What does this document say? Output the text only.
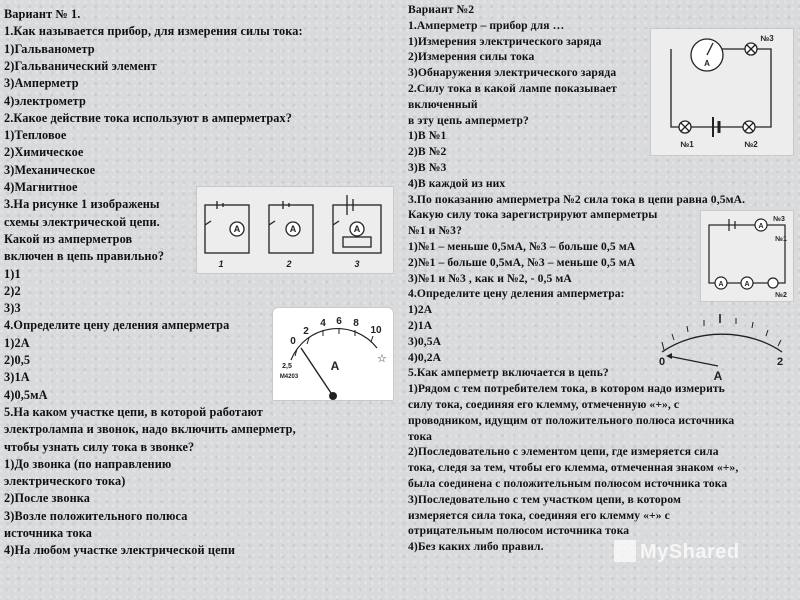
Вариант № 1.
1.Как называется прибор, для измерения силы тока:
1)Гальванометр
2)Гальванический элемент
3)Амперметр
4)электрометр
2.Какое действие тока используют в амперметрах?
1)Тепловое
2)Химическое
3)Механическое
4)Магнитное
3.На рисунке 1 изображены
схемы электрической цепи.
Какой из амперметров
включен в цепь правильно?
1)1
2)2
3)3
4.Определите цену деления амперметра
1)2А
2)0,5
3)1А
4)0,5мА
5.На каком участке цепи, в которой работают
электролампа и звонок, надо включить амперметр,
чтобы узнать силу тока в звонке?
1)До звонка (по направлению
электрического тока)
2)После звонка
3)Возле положительного полюса
источника тока
4)На любом участке электрической цепи
Вариант №2
1.Амперметр – прибор для …
1)Измерения электрического заряда
2)Измерения силы тока
3)Обнаружения электрического заряда
2.Силу тока в какой лампе показывает
включенный
в эту цепь амперметр?
1)В №1
2)В №2
3)В №3
4)В каждой из них
3.По показанию амперметра №2 сила тока в цепи равна 0,5мА.
Какую силу тока зарегистрируют амперметры
№1 и №3?
1)№1 – меньше 0,5мА, №3 – больше 0,5 мА
2)№1 – больше 0,5мА, №3 – меньше 0,5 мА
3)№1 и №3 , как и №2, - 0,5 мА
4.Определите цену деления амперметра:
1)2А
2)1А
3)0,5А
4)0,2А
5.Как амперметр включается в цепь?
1)Рядом с тем потребителем тока, в котором надо измерить
силу тока, соединяя его клемму, отмеченную «+», с
проводником, идущим от положительного полюса источника
тока
2)Последовательно с элементом цепи, где измеряется сила
тока, следя за тем, чтобы его клемма, отмеченная знаком «+»,
была соединена с положительным полюсом источника тока
3)Последовательно с тем участком цепи, в котором
измеряется сила тока, соединяя его клемму «+» с
отрицательным полюсом источника тока
4)Без каких либо правил.
A	A	A
1	2	3
0
2
4 6 8
10
A
2,5
М4203
☆
A
№1	№2
№3
A
A	A
№3
№1
№2
0	2
A
MyShared
